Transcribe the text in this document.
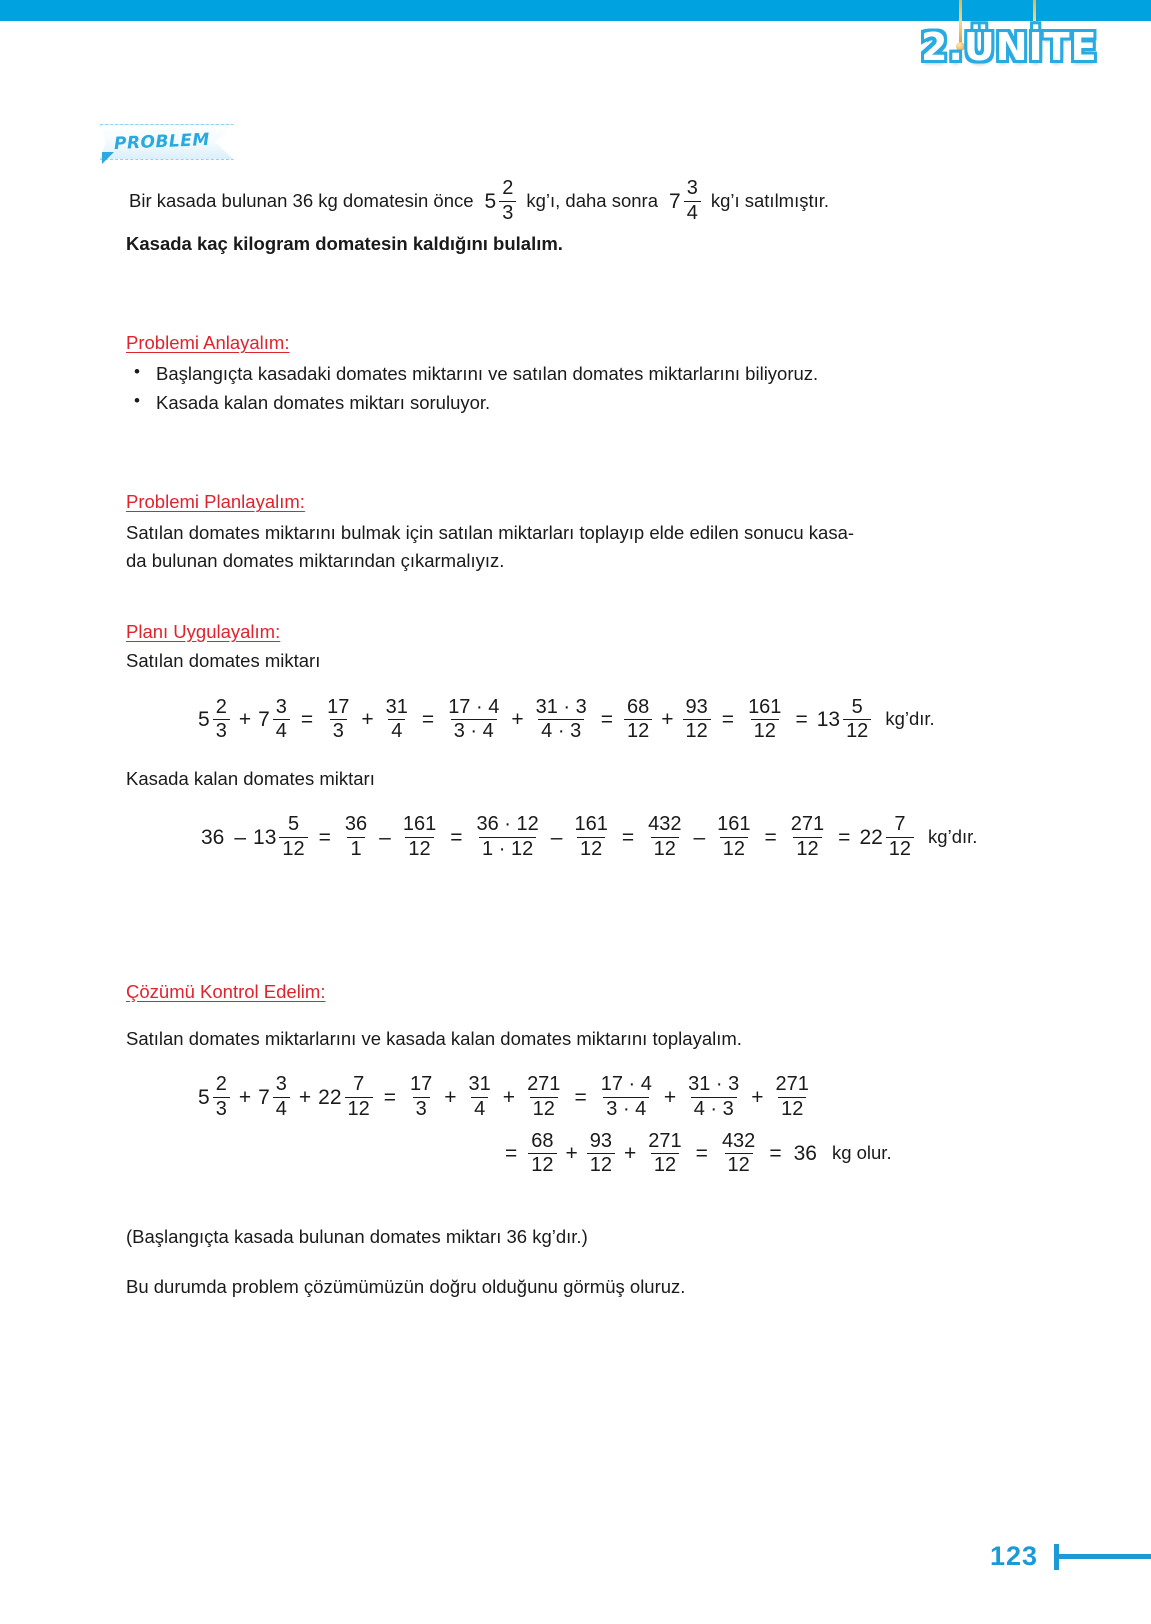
2.ÜNİTE
PROBLEM
Bir kasada bulunan 36 kg domatesin önce $5 \frac{2}{3}$ kg’ı, daha sonra $7 \frac{3}{4}$ kg’ı satılmıştır.

Kasada kaç kilogram domatesin kaldığını bulalım.

Problemi Anlayalım:

• Başlangıçta kasadaki domates miktarını ve satılan domates miktarlarını biliyoruz.
• Kasada kalan domates miktarı soruluyor.

Problemi Planlayalım:

Satılan domates miktarını bulmak için satılan miktarları toplayıp elde edilen sonucu kasa-

da bulunan domates miktarından çıkarmalıyız.

Planı Uygulayalım:

Satılan domates miktarı

$5 \frac{2}{3} + 7 \frac{3}{4} = \frac{17}{3} + \frac{31}{4} = \frac{17 \cdot 4}{3 \cdot 4} + \frac{31 \cdot 3}{4 \cdot 3} = \frac{68}{12} + \frac{93}{12} = \frac{161}{12} = 13 \frac{5}{12}$ kg’dır.

Kasada kalan domates miktarı

$36 - 13 \frac{5}{12} = \frac{36}{1} - \frac{161}{12} = \frac{36 \cdot 12}{1 \cdot 12} - \frac{161}{12} = \frac{432}{12} - \frac{161}{12} = \frac{271}{12} = 22 \frac{7}{12}$ kg’dır.

Çözümü Kontrol Edelim:

Satılan domates miktarlarını ve kasada kalan domates miktarını toplayalım.

$5 \frac{2}{3} + 7 \frac{3}{4} + 22 \frac{7}{12} = \frac{17}{3} + \frac{31}{4} + \frac{271}{12} = \frac{17 \cdot 4}{3 \cdot 4} + \frac{31 \cdot 3}{4 \cdot 3} + \frac{271}{12}$
= $\frac{68}{12} + \frac{93}{12} + \frac{271}{12} = \frac{432}{12} = 36$ kg olur.

(Başlangıçta kasada bulunan domates miktarı 36 kg’dır.)

Bu durumda problem çözümümüzün doğru olduğunu görmüş oluruz.

123
